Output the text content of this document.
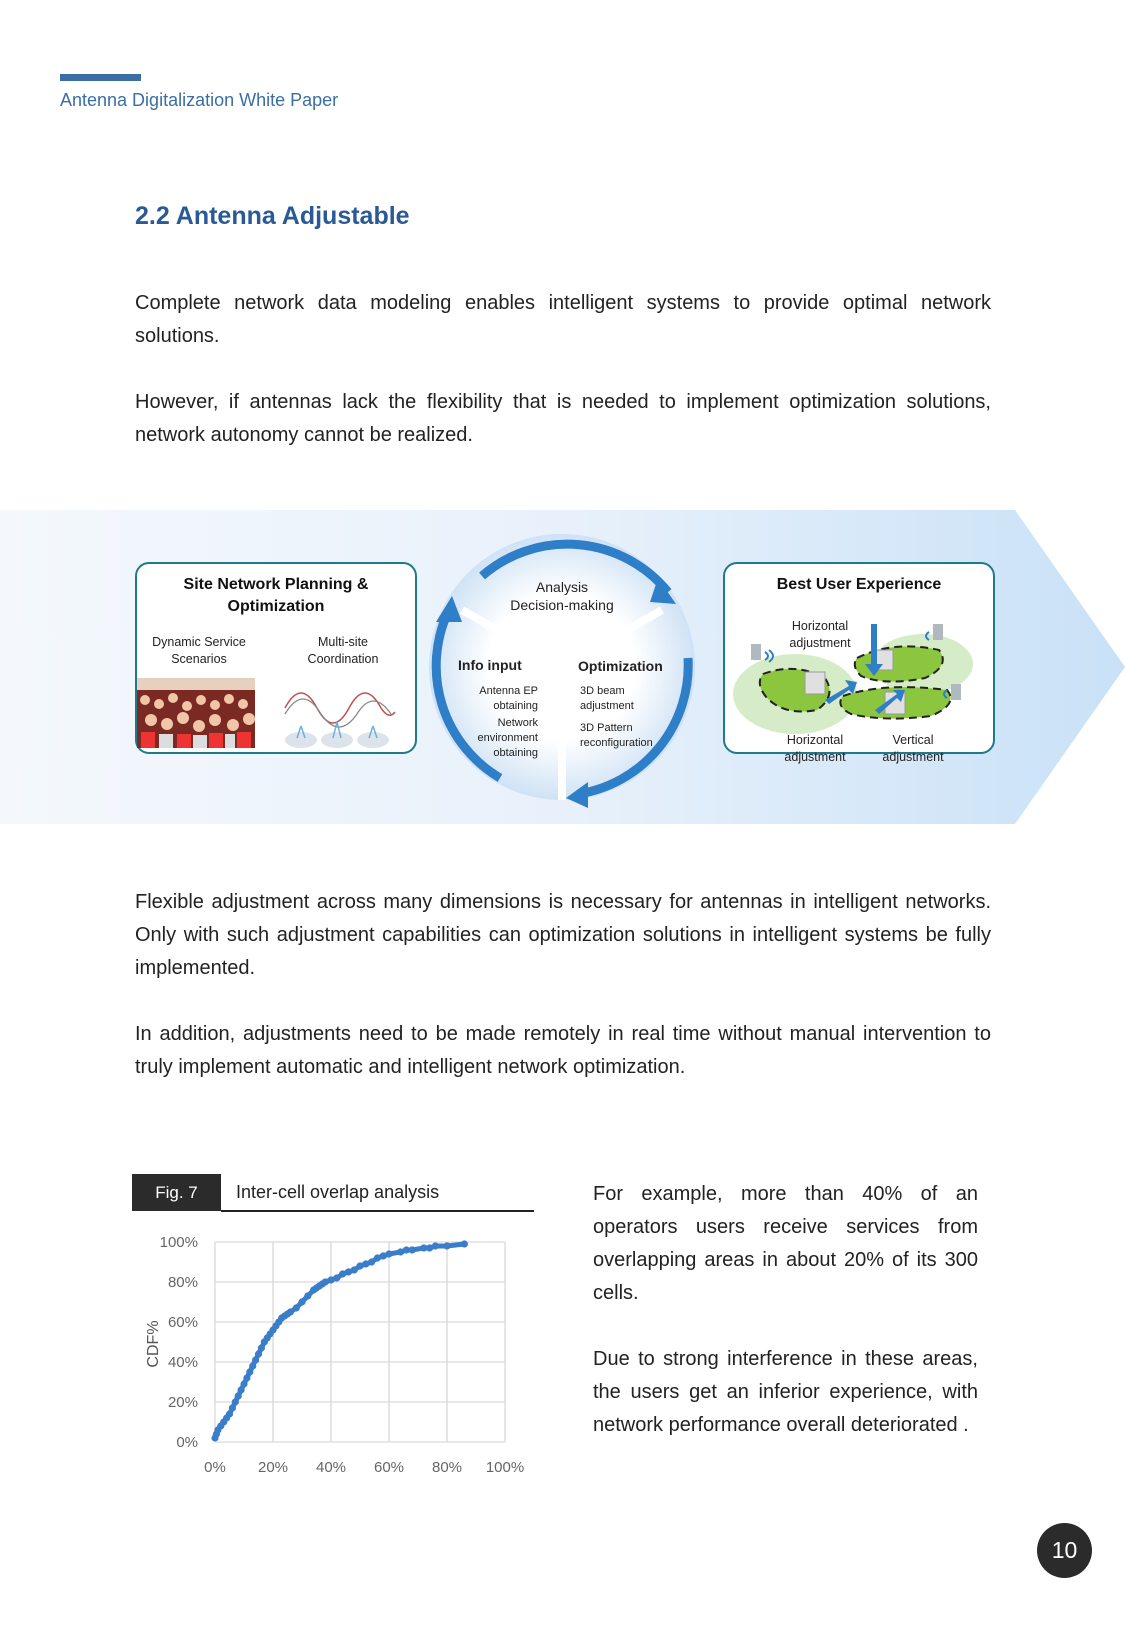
Antenna Digitalization White Paper
2.2 Antenna Adjustable
Complete network data modeling enables intelligent systems to provide optimal network solutions.
However, if antennas lack the flexibility that is needed to implement optimization solutions, network autonomy cannot be realized.
Site Network Planning &
Optimization
Dynamic Service
Scenarios
Multi-site
Coordination
Analysis
Decision-making
Info input
Antenna EP
obtaining
Network
environment
obtaining
Optimization
3D beam
adjustment
3D Pattern
reconfiguration
Best User Experience
Horizontal
adjustment
Horizontal
adjustment
Vertical
adjustment
Flexible adjustment across many dimensions is necessary for antennas in intelligent networks. Only with such adjustment capabilities can optimization solutions in intelligent systems be fully implemented.
In addition, adjustments need to be made remotely in real time without manual intervention to truly implement automatic and intelligent network optimization.
Fig. 7	Inter-cell overlap analysis
0% 20% 40% 60% 80% 100%
0%
20%
40%
60%
80%
100%
CDF%
For example, more than 40% of an operators users receive services from overlapping areas in about 20% of its 300 cells.
Due to strong interference in these areas, the users get an inferior experience, with network performance overall deteriorated .
10
